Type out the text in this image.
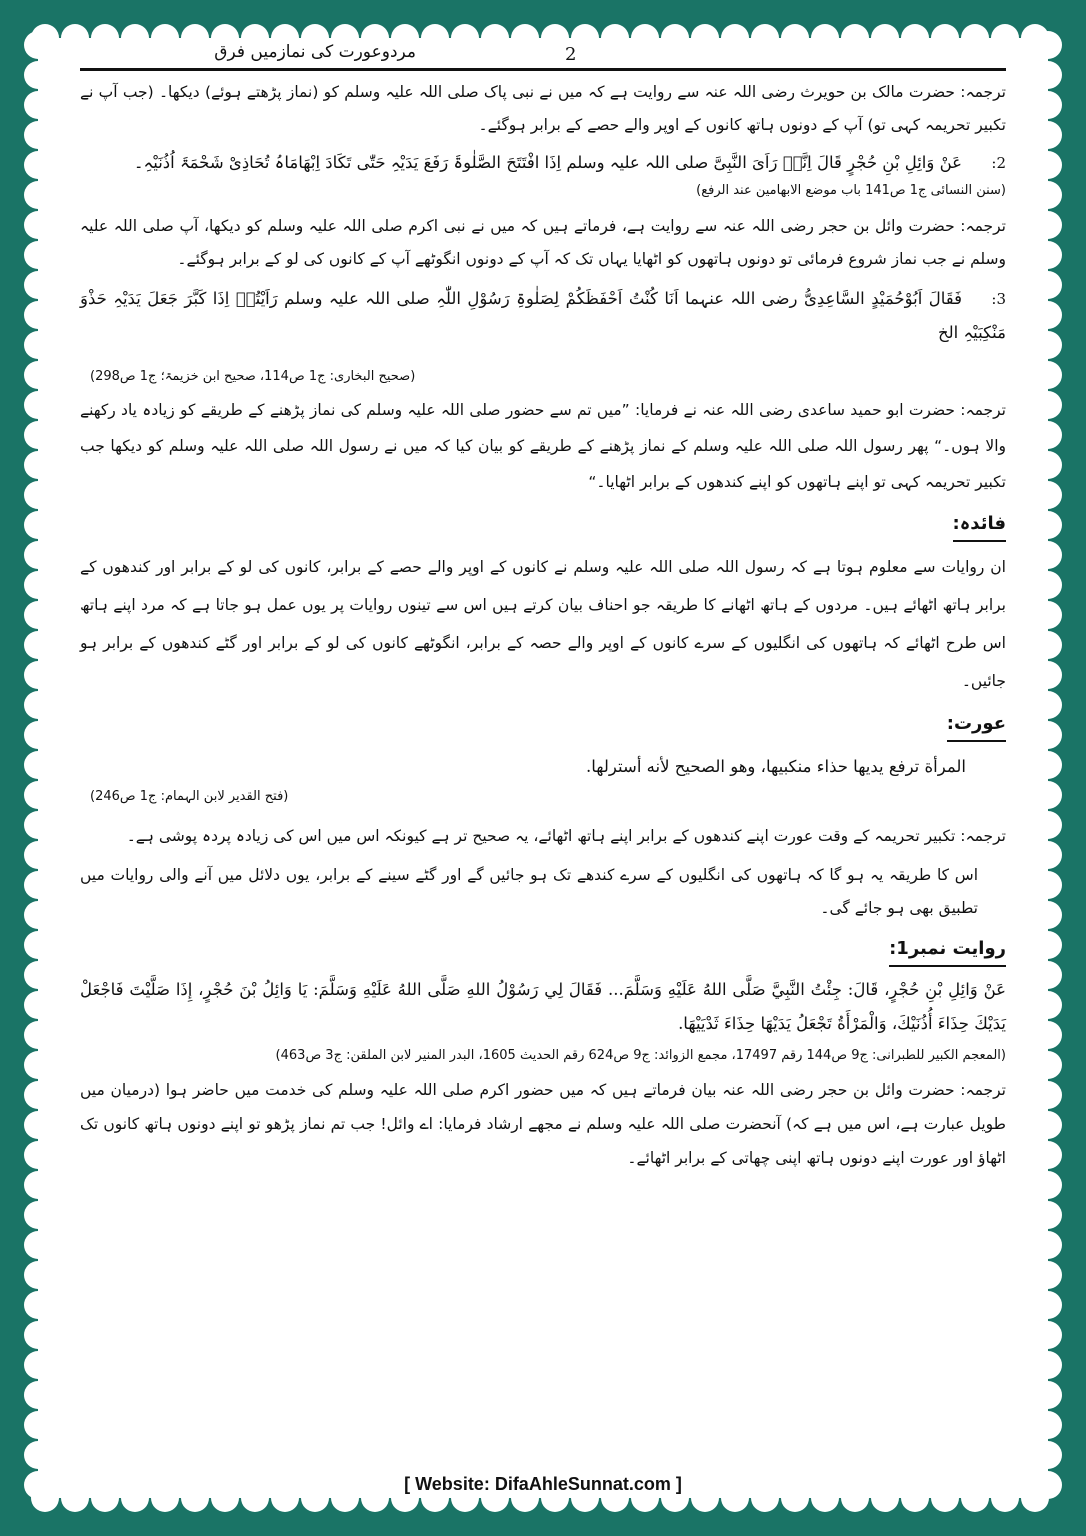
مردوعورت کی نمازمیں فرق	2

ترجمہ: حضرت مالک بن حویرث رضی اللہ عنہ سے روایت ہے کہ میں نے نبی پاک صلی اللہ علیہ وسلم کو (نماز پڑھتے ہوئے) دیکھا۔ (جب آپ نے تکبیر تحریمہ کہی تو) آپ کے دونوں ہاتھ کانوں کے اوپر والے حصے کے برابر ہوگئے۔

2:عَنْ وَائِلِ بْنِ حُجْرٍ قَالَ اِنَّہٗ رَاَیَ النَّبِیَّ صلی اللہ علیہ وسلم اِذَا افْتَتَحَ الصَّلٰوۃَ رَفَعَ یَدَیْہِ حَتّٰی تَکَادَ اِبْھَامَاہُ تُحَاذِیْ شَحْمَۃَ اُذُنَیْہِ۔

(سنن النسائی ج1 ص141 باب موضع الابھامین عند الرفع)

ترجمہ: حضرت وائل بن حجر رضی اللہ عنہ سے روایت ہے، فرماتے ہیں کہ میں نے نبی اکرم صلی اللہ علیہ وسلم کو دیکھا، آپ صلی اللہ علیہ وسلم نے جب نماز شروع فرمائی تو دونوں ہاتھوں کو اٹھایا یہاں تک کہ آپ کے دونوں انگوٹھے آپ کے کانوں کی لو کے برابر ہوگئے۔

3:فَقَالَ اَبُوْحُمَیْدٍ السَّاعِدِیُّ رضی اللہ عنہما اَنَا کُنْتُ اَحْفَظَکُمْ لِصَلٰوۃِ رَسُوْلِ اللّٰہِ صلی اللہ علیہ وسلم رَاَیْتُہٗ اِذَا کَبَّرَ جَعَلَ یَدَیْہِ حَذْوَ مَنْکِبَیْہِ الخ

(صحیح البخاری: ج1 ص114، صحیح ابن خزیمۃ؛ ج1 ص298)

ترجمہ: حضرت ابو حمید ساعدی رضی اللہ عنہ نے فرمایا: ”میں تم سے حضور صلی اللہ علیہ وسلم کی نماز پڑھنے کے طریقے کو زیادہ یاد رکھنے والا ہوں۔“ پھر رسول اللہ صلی اللہ علیہ وسلم کے نماز پڑھنے کے طریقے کو بیان کیا کہ میں نے رسول اللہ صلی اللہ علیہ وسلم کو دیکھا جب تکبیر تحریمہ کہی تو اپنے ہاتھوں کو اپنے کندھوں کے برابر اٹھایا۔“

فائدہ:

ان روایات سے معلوم ہوتا ہے کہ رسول اللہ صلی اللہ علیہ وسلم نے کانوں کے اوپر والے حصے کے برابر، کانوں کی لو کے برابر اور کندھوں کے برابر ہاتھ اٹھائے ہیں۔ مردوں کے ہاتھ اٹھانے کا طریقہ جو احناف بیان کرتے ہیں اس سے تینوں روایات پر یوں عمل ہو جاتا ہے کہ مرد اپنے ہاتھ اس طرح اٹھائے کہ ہاتھوں کی انگلیوں کے سرے کانوں کے اوپر والے حصہ کے برابر، انگوٹھے کانوں کی لو کے برابر اور گٹے کندھوں کے برابر ہو جائیں۔

عورت:

المرأة ترفع يديها حذاء منكبيها، وهو الصحيح لأنه أسترلها.

(فتح القدیر لابن الہمام: ج1 ص246)

ترجمہ: تکبیر تحریمہ کے وقت عورت اپنے کندھوں کے برابر اپنے ہاتھ اٹھائے، یہ صحیح تر ہے کیونکہ اس میں اس کی زیادہ پردہ پوشی ہے۔

اس کا طریقہ یہ ہو گا کہ ہاتھوں کی انگلیوں کے سرے کندھے تک ہو جائیں گے اور گٹے سینے کے برابر، یوں دلائل میں آنے والی روایات میں تطبیق بھی ہو جائے گی۔

روایت نمبر1:

عَنْ وَائِلِ بْنِ حُجْرٍ، قَالَ: جِئْتُ النَّبِيَّ صَلَّى اللهُ عَلَيْهِ وَسَلَّمَ... فَقَالَ لِي رَسُوْلُ اللهِ صَلَّى اللهُ عَلَيْهِ وَسَلَّمَ: يَا وَائِلُ بْنَ حُجْرٍ، إِذَا صَلَّيْتَ فَاجْعَلْ يَدَيْكَ حِذَاءَ أُذُنَيْكَ، وَالْمَرْأَةُ تَجْعَلُ يَدَيْهَا حِذَاءَ ثَدْيَيْهَا.

(المعجم الکبیر للطبرانی: ج9 ص144 رقم 17497، مجمع الزوائد: ج9 ص624 رقم الحدیث 1605، البدر المنیر لابن الملقن: ج3 ص463)

ترجمہ: حضرت وائل بن حجر رضی اللہ عنہ بیان فرماتے ہیں کہ میں حضور اکرم صلی اللہ علیہ وسلم کی خدمت میں حاضر ہوا (درمیان میں طویل عبارت ہے، اس میں ہے کہ) آنحضرت صلی اللہ علیہ وسلم نے مجھے ارشاد فرمایا: اے وائل! جب تم نماز پڑھو تو اپنے دونوں ہاتھ کانوں تک اٹھاؤ اور عورت اپنے دونوں ہاتھ اپنی چھاتی کے برابر اٹھائے۔

[ Website: DifaAhleSunnat.com ]
